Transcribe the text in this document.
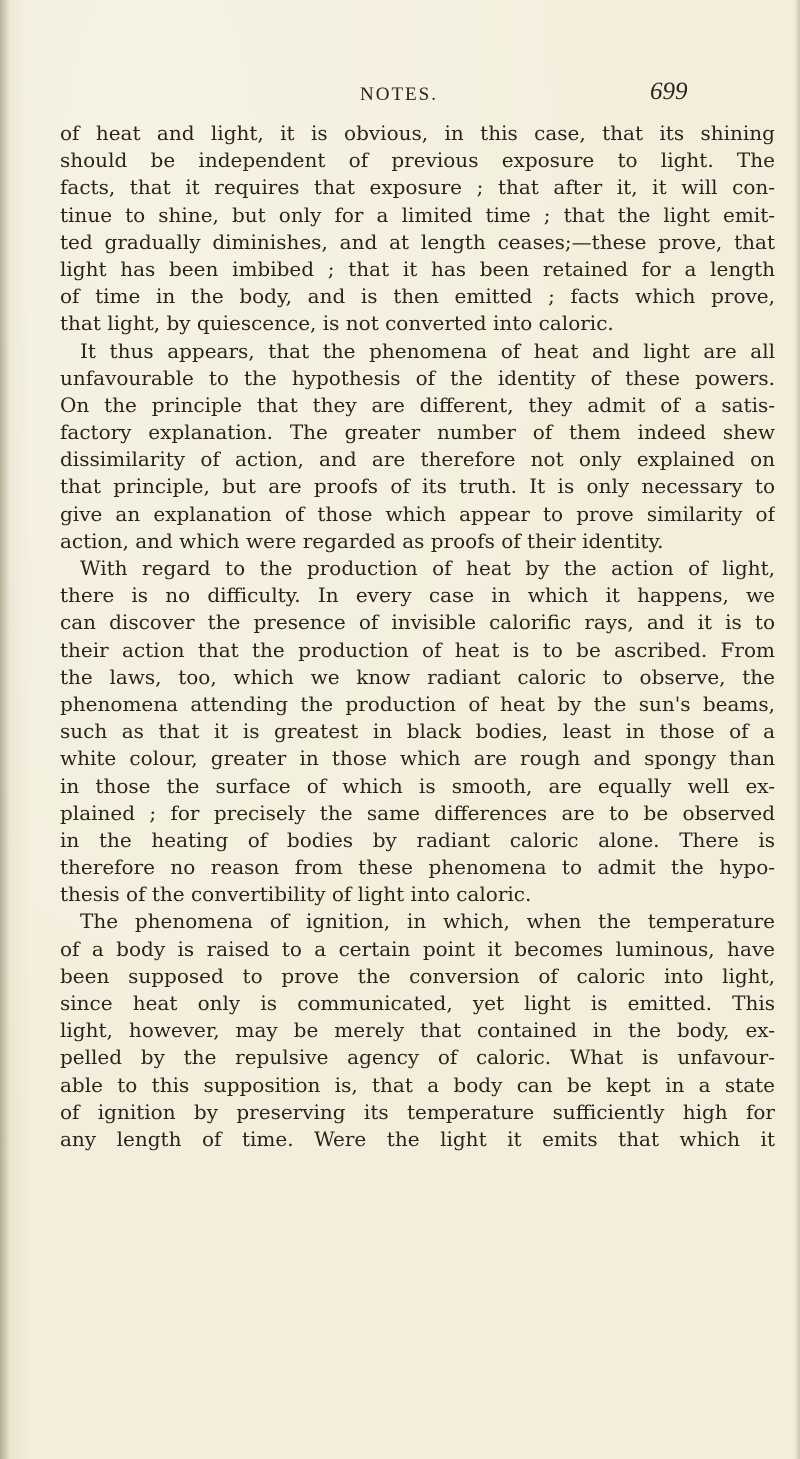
NOTES.	699
of heat and light, it is obvious, in this case, that its shining
should be independent of previous exposure to light. The
facts, that it requires that exposure ; that after it, it will con-
tinue to shine, but only for a limited time ; that the light emit-
ted gradually diminishes, and at length ceases;—these prove, that
light has been imbibed ; that it has been retained for a length
of time in the body, and is then emitted ; facts which prove,
that light, by quiescence, is not converted into caloric.
It thus appears, that the phenomena of heat and light are all
unfavourable to the hypothesis of the identity of these powers.
On the principle that they are different, they admit of a satis-
factory explanation. The greater number of them indeed shew
dissimilarity of action, and are therefore not only explained on
that principle, but are proofs of its truth. It is only necessary to
give an explanation of those which appear to prove similarity of
action, and which were regarded as proofs of their identity.
With regard to the production of heat by the action of light,
there is no difficulty. In every case in which it happens, we
can discover the presence of invisible calorific rays, and it is to
their action that the production of heat is to be ascribed. From
the laws, too, which we know radiant caloric to observe, the
phenomena attending the production of heat by the sun's beams,
such as that it is greatest in black bodies, least in those of a
white colour, greater in those which are rough and spongy than
in those the surface of which is smooth, are equally well ex-
plained ; for precisely the same differences are to be observed
in the heating of bodies by radiant caloric alone. There is
therefore no reason from these phenomena to admit the hypo-
thesis of the convertibility of light into caloric.
The phenomena of ignition, in which, when the temperature
of a body is raised to a certain point it becomes luminous, have
been supposed to prove the conversion of caloric into light,
since heat only is communicated, yet light is emitted. This
light, however, may be merely that contained in the body, ex-
pelled by the repulsive agency of caloric. What is unfavour-
able to this supposition is, that a body can be kept in a state
of ignition by preserving its temperature sufficiently high for
any length of time. Were the light it emits that which it
